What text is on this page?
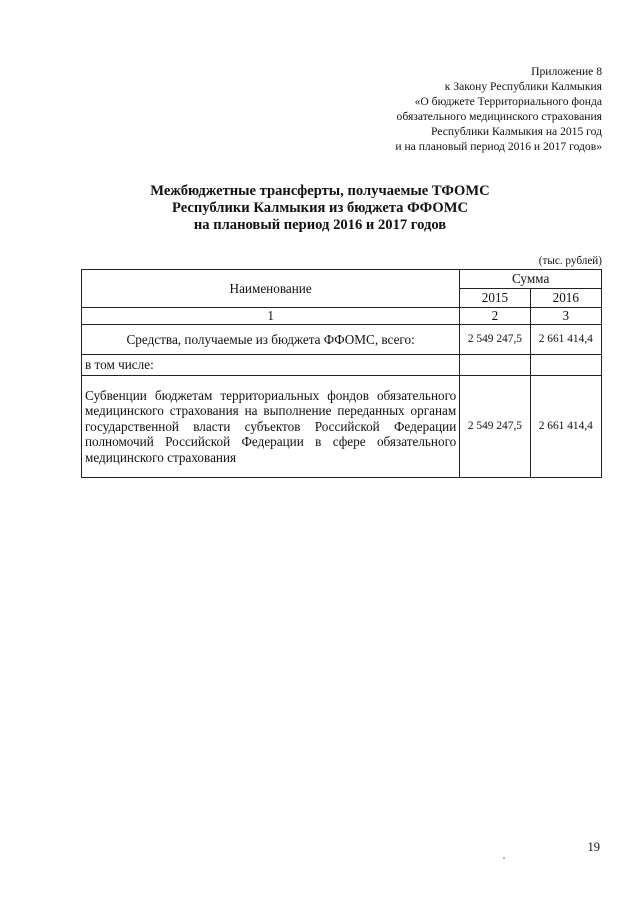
Приложение 8
к Закону Республики Калмыкия
«О бюджете Территориального фонда
обязательного медицинского страхования
Республики Калмыкия на 2015 год
и на плановый период 2016 и 2017 годов»
Межбюджетные трансферты, получаемые ТФОМС
Республики Калмыкия из бюджета ФФОМС
на плановый период 2016 и 2017 годов
(тыс. рублей)
Наименование	Сумма	
	2015	2016
1	2	3
Средства, получаемые из бюджета ФФОМС, всего:	2 549 247,5	2 661 414,4
в том числе:		
Субвенции бюджетам территориальных фондов обязательного медицинского страхования на выполнение переданных органам государственной власти субъектов Российской Федерации полномочий Российской Федерации в сфере обязательного медицинского страхования	2 549 247,5	2 661 414,4
19
